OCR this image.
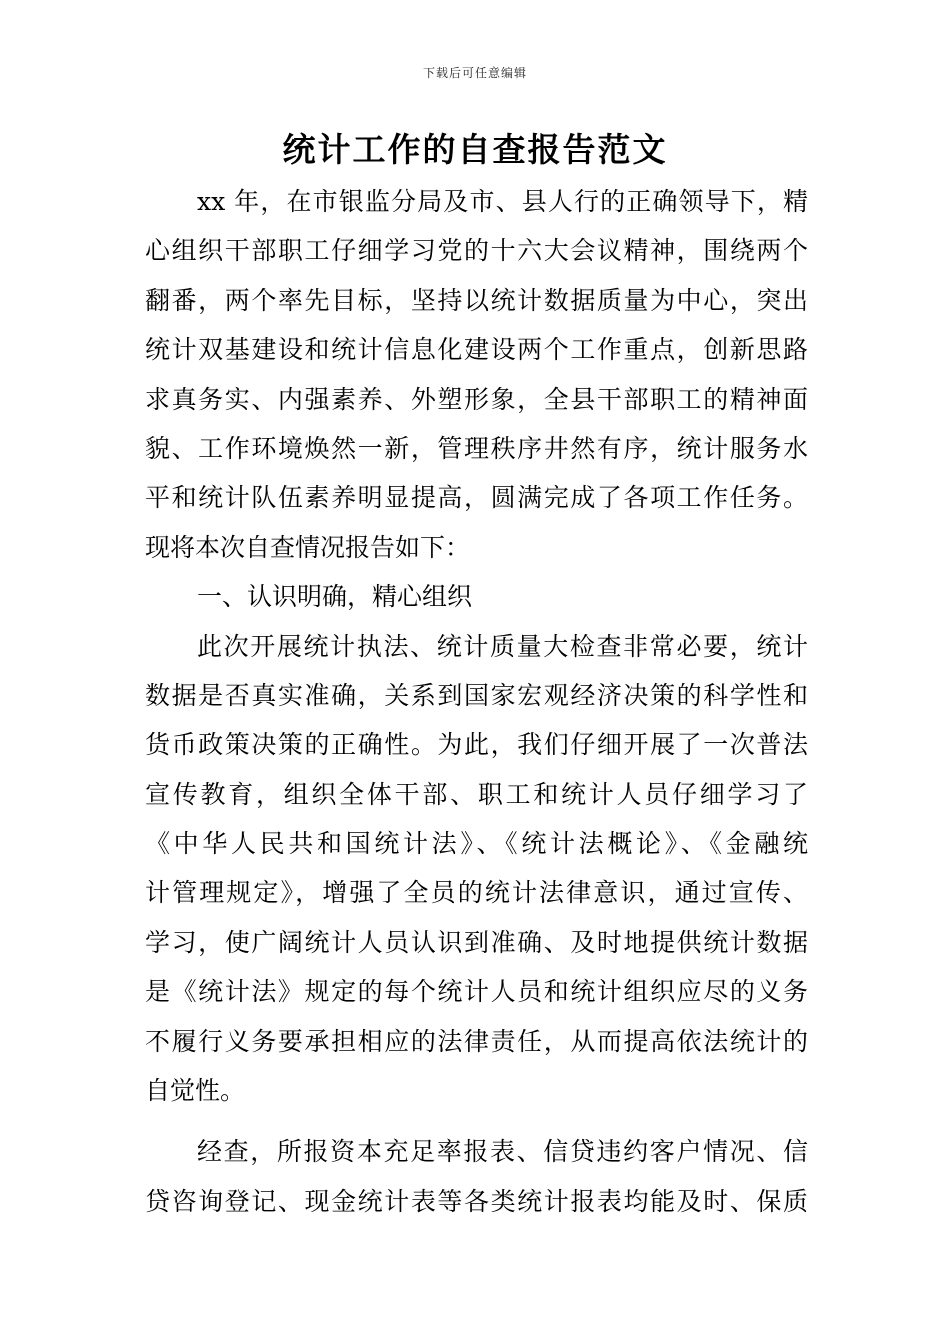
下载后可任意编辑
统计工作的自查报告范文
xx 年，在市银监分局及市、县人行的正确领导下，精
心组织干部职工仔细学习党的十六大会议精神，围绕两个
翻番，两个率先目标，坚持以统计数据质量为中心，突出
统计双基建设和统计信息化建设两个工作重点，创新思路
求真务实、内强素养、外塑形象，全县干部职工的精神面
貌、工作环境焕然一新，管理秩序井然有序，统计服务水
平和统计队伍素养明显提高，圆满完成了各项工作任务。
现将本次自查情况报告如下：
一、认识明确，精心组织
此次开展统计执法、统计质量大检查非常必要，统计
数据是否真实准确，关系到国家宏观经济决策的科学性和
货币政策决策的正确性。为此，我们仔细开展了一次普法
宣传教育，组织全体干部、职工和统计人员仔细学习了
《中华人民共和国统计法》、《统计法概论》、《金融统
计管理规定》，增强了全员的统计法律意识，通过宣传、
学习，使广阔统计人员认识到准确、及时地提供统计数据
是《统计法》规定的每个统计人员和统计组织应尽的义务
不履行义务要承担相应的法律责任，从而提高依法统计的
自觉性。
经查，所报资本充足率报表、信贷违约客户情况、信
贷咨询登记、现金统计表等各类统计报表均能及时、保质
